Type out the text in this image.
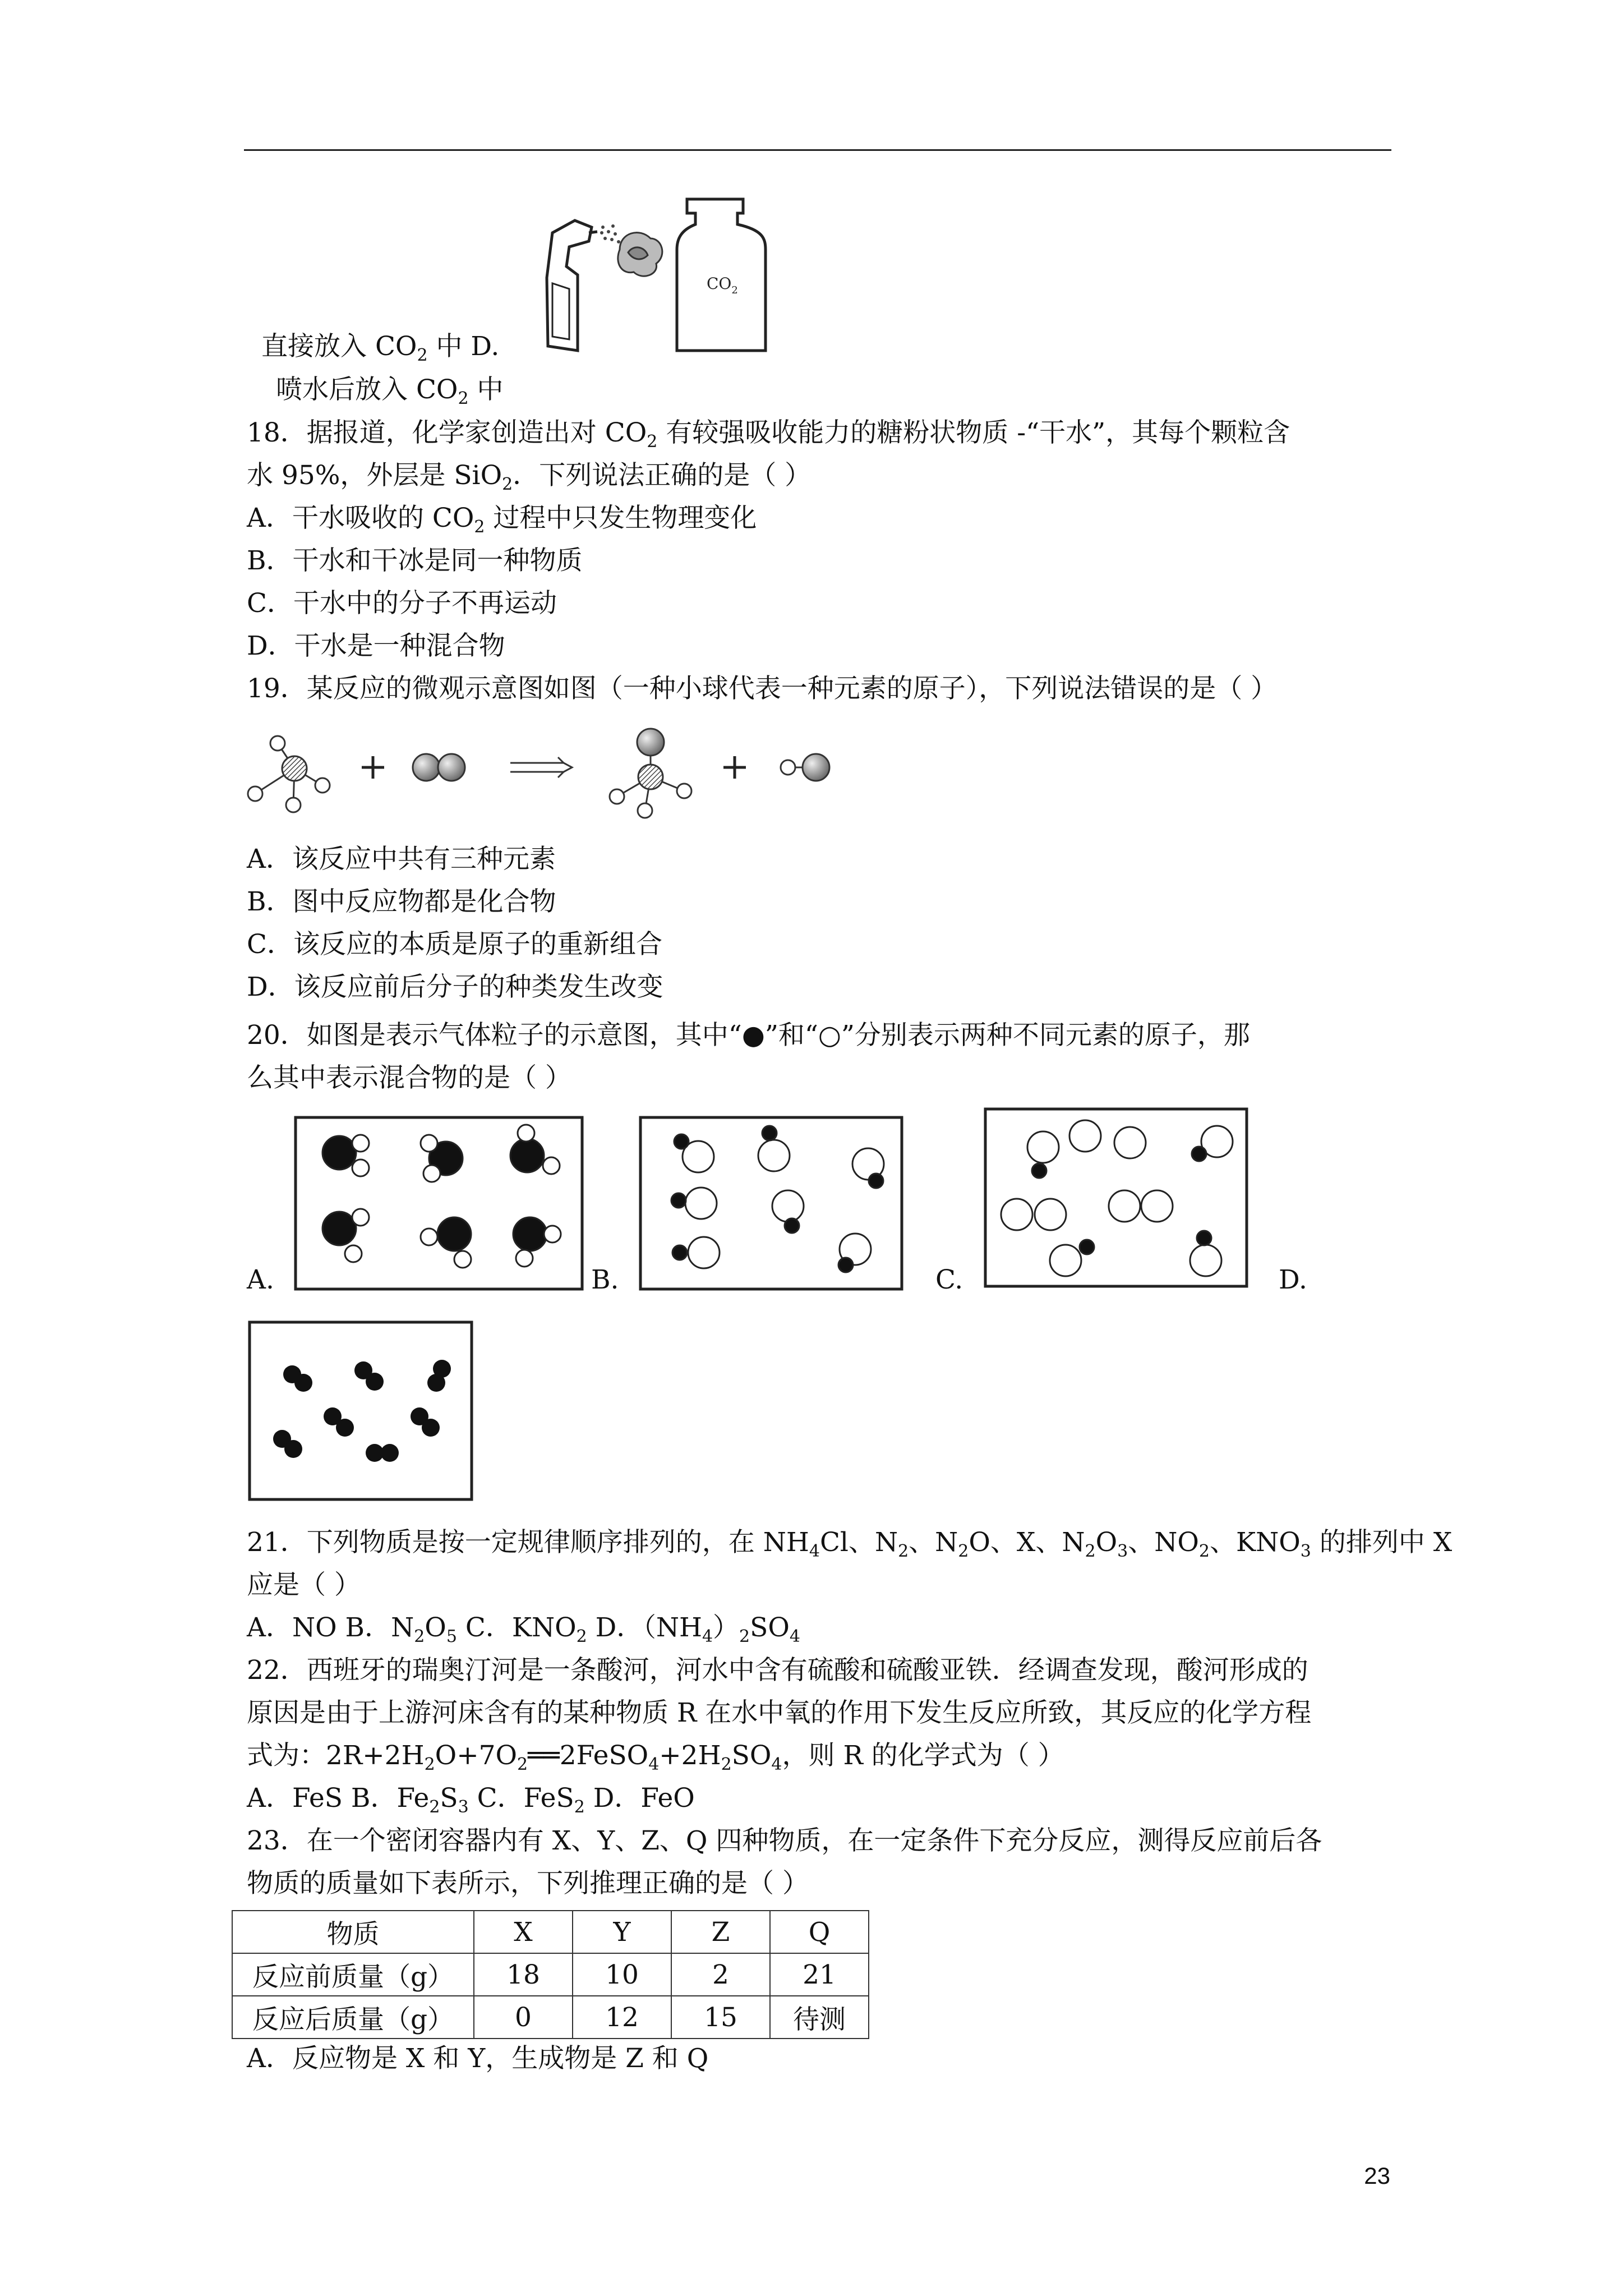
$CO_2$
直接放入 $CO_2$ 中 D.
喷水后放入 $CO_2$ 中
18．据报道，化学家创造出对 $CO_2$ 有较强吸收能力的糖粉状物质 -“干水”，其每个颗粒含
水 95%，外层是 SiO$_2$．下列说法正确的是（ ）
A．干水吸收的 $CO_2$ 过程中只发生物理变化
B．干水和干冰是同一种物质
C．干水中的分子不再运动
D．干水是一种混合物
19．某反应的微观示意图如图（一种小球代表一种元素的原子），下列说法错误的是（ ）
A．该反应中共有三种元素
B．图中反应物都是化合物
C．该反应的本质是原子的重新组合
D．该反应前后分子的种类发生改变
20．如图是表示气体粒子的示意图，其中“●”和“○”分别表示两种不同元素的原子，那
么其中表示混合物的是（ ）
A.	B.	C.	D.
21．下列物质是按一定规律顺序排列的，在 $NH_4Cl$、$N_2$、$N_2O$、X、$N_2O_3$、$NO_2$、$KNO_3$ 的排列中 X
应是（ ）
A．NO B．$N_2O_5$ C．$KNO_2$ D．$(NH_4)_2SO_4$
22．西班牙的瑞奥汀河是一条酸河，河水中含有硫酸和硫酸亚铁．经调查发现，酸河形成的
原因是由于上游河床含有的某种物质 R 在水中氧的作用下发生反应所致，其反应的化学方程
式为：$2R+2H_2O+7O_2══2FeSO_4+2H_2SO_4$，则 R 的化学式为（ ）
A．FeS B．$Fe_2S_3$ C．FeS$_2$ D．FeO
23．在一个密闭容器内有 X、Y、Z、Q 四种物质，在一定条件下充分反应，测得反应前后各
物质的质量如下表所示，下列推理正确的是（ ）
物质	X	Y	Z	Q
反应前质量（g）	18	10	2	21
反应后质量（g）	0	12	15	待测
A．反应物是 X 和 Y，生成物是 Z 和 Q
23
